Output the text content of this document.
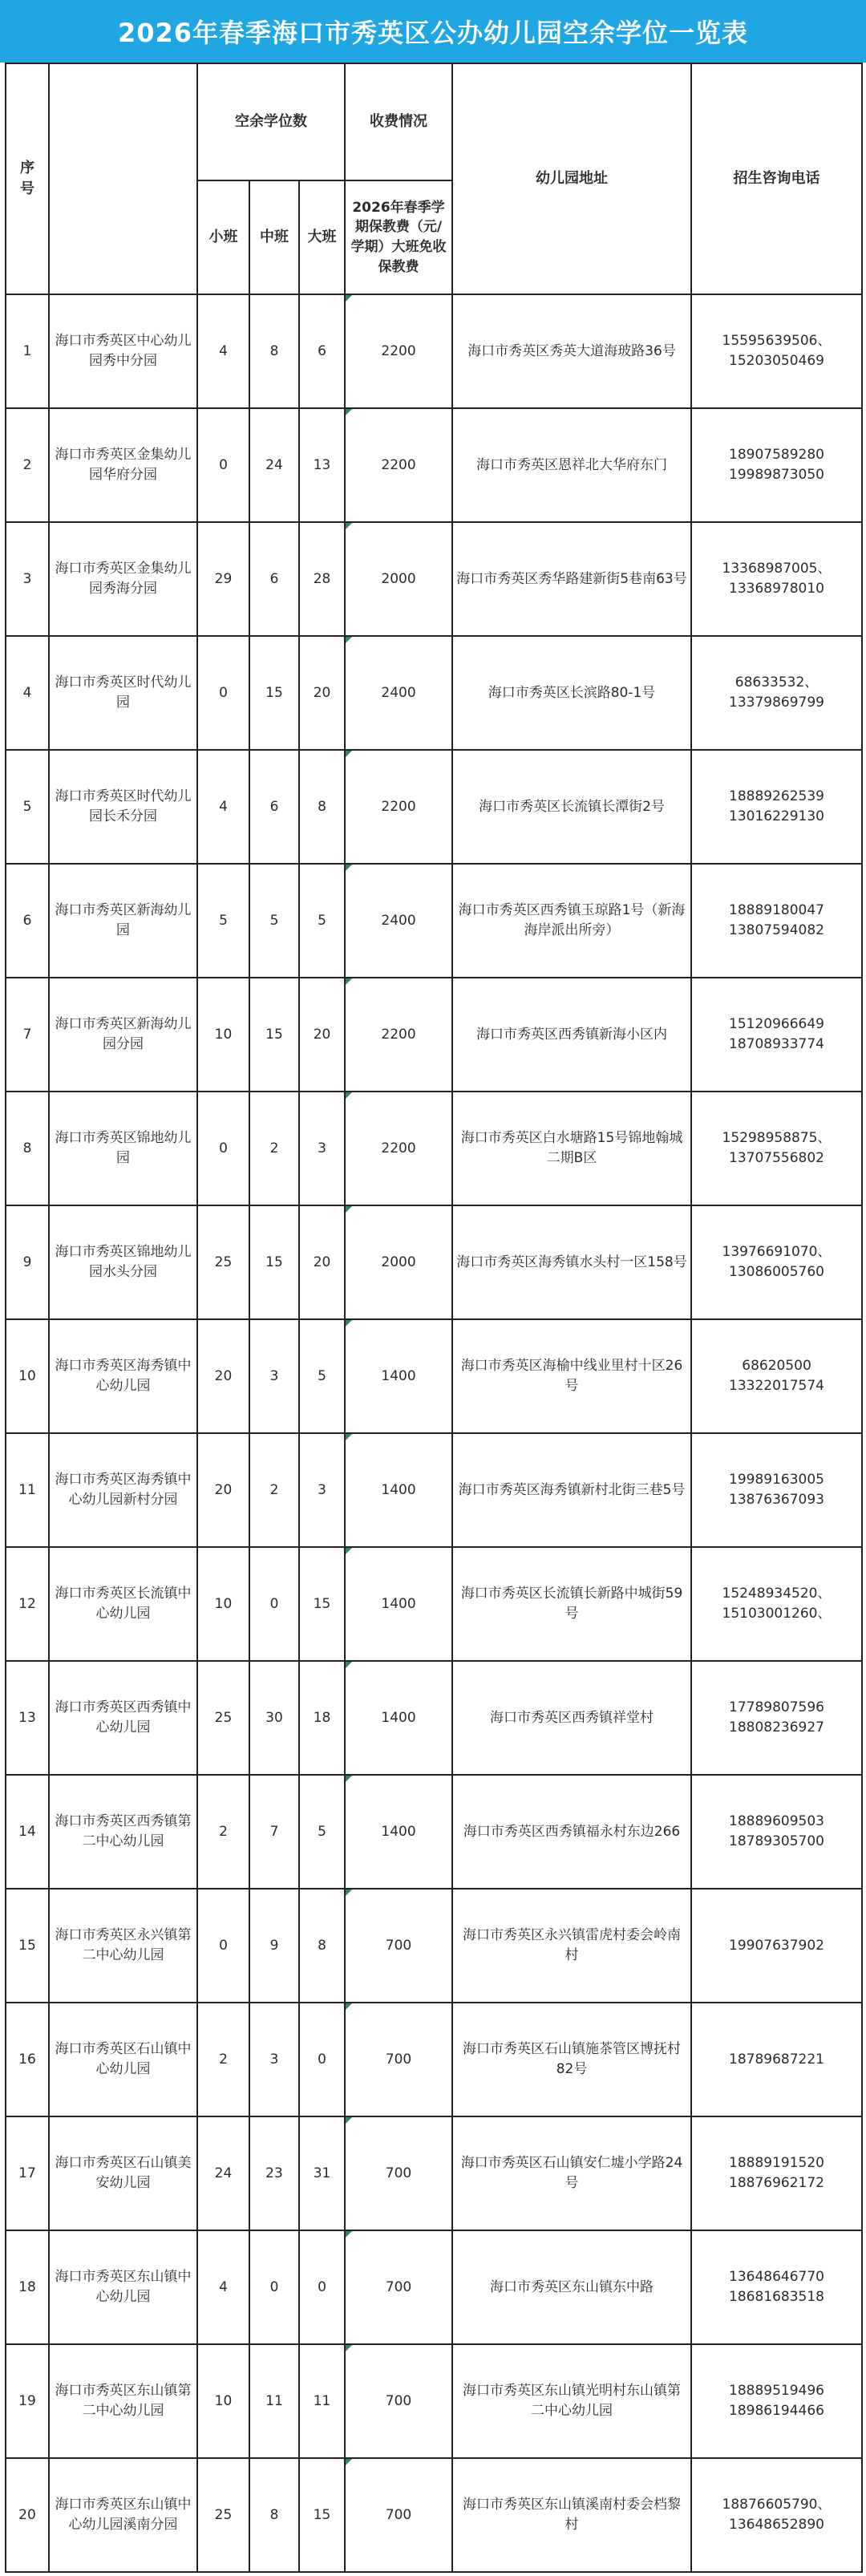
2026年春季海口市秀英区公办幼儿园空余学位一览表
序
号		空余学位数			收费情况	幼儿园地址	招生咨询电话
		小班	中班	大班	2026年春季学期保教费（元/学期）大班免收保教费		
1	海口市秀英区中心幼儿园秀中分园	4	8	6	2200	海口市秀英区秀英大道海玻路36号	15595639506、
15203050469
2	海口市秀英区金集幼儿园华府分园	0	24	13	2200	海口市秀英区恩祥北大华府东门	18907589280
19989873050
3	海口市秀英区金集幼儿园秀海分园	29	6	28	2000	海口市秀英区秀华路建新街5巷南63号	13368987005、
13368978010
4	海口市秀英区时代幼儿园	0	15	20	2400	海口市秀英区长滨路80-1号	68633532、
13379869799
5	海口市秀英区时代幼儿园长禾分园	4	6	8	2200	海口市秀英区长流镇长潭街2号	18889262539
13016229130
6	海口市秀英区新海幼儿园	5	5	5	2400	海口市秀英区西秀镇玉琼路1号（新海海岸派出所旁）	18889180047
13807594082
7	海口市秀英区新海幼儿园分园	10	15	20	2200	海口市秀英区西秀镇新海小区内	15120966649
18708933774
8	海口市秀英区锦地幼儿园	0	2	3	2200	海口市秀英区白水塘路15号锦地翰城二期B区	15298958875、
13707556802
9	海口市秀英区锦地幼儿园水头分园	25	15	20	2000	海口市秀英区海秀镇水头村一区158号	13976691070、
13086005760
10	海口市秀英区海秀镇中心幼儿园	20	3	5	1400	海口市秀英区海榆中线业里村十区26号	68620500
13322017574
11	海口市秀英区海秀镇中心幼儿园新村分园	20	2	3	1400	海口市秀英区海秀镇新村北街三巷5号	19989163005
13876367093
12	海口市秀英区长流镇中心幼儿园	10	0	15	1400	海口市秀英区长流镇长新路中城街59号	15248934520、
15103001260、
13	海口市秀英区西秀镇中心幼儿园	25	30	18	1400	海口市秀英区西秀镇祥堂村	17789807596
18808236927
14	海口市秀英区西秀镇第二中心幼儿园	2	7	5	1400	海口市秀英区西秀镇福永村东边266	18889609503
18789305700
15	海口市秀英区永兴镇第二中心幼儿园	0	9	8	700	海口市秀英区永兴镇雷虎村委会岭南村	19907637902
16	海口市秀英区石山镇中心幼儿园	2	3	0	700	海口市秀英区石山镇施茶管区博抚村82号	18789687221
17	海口市秀英区石山镇美安幼儿园	24	23	31	700	海口市秀英区石山镇安仁墟小学路24号	18889191520
18876962172
18	海口市秀英区东山镇中心幼儿园	4	0	0	700	海口市秀英区东山镇东中路	13648646770
18681683518
19	海口市秀英区东山镇第二中心幼儿园	10	11	11	700	海口市秀英区东山镇光明村东山镇第二中心幼儿园	18889519496
18986194466
20	海口市秀英区东山镇中心幼儿园溪南分园	25	8	15	700	海口市秀英区东山镇溪南村委会档黎村	18876605790、
13648652890
